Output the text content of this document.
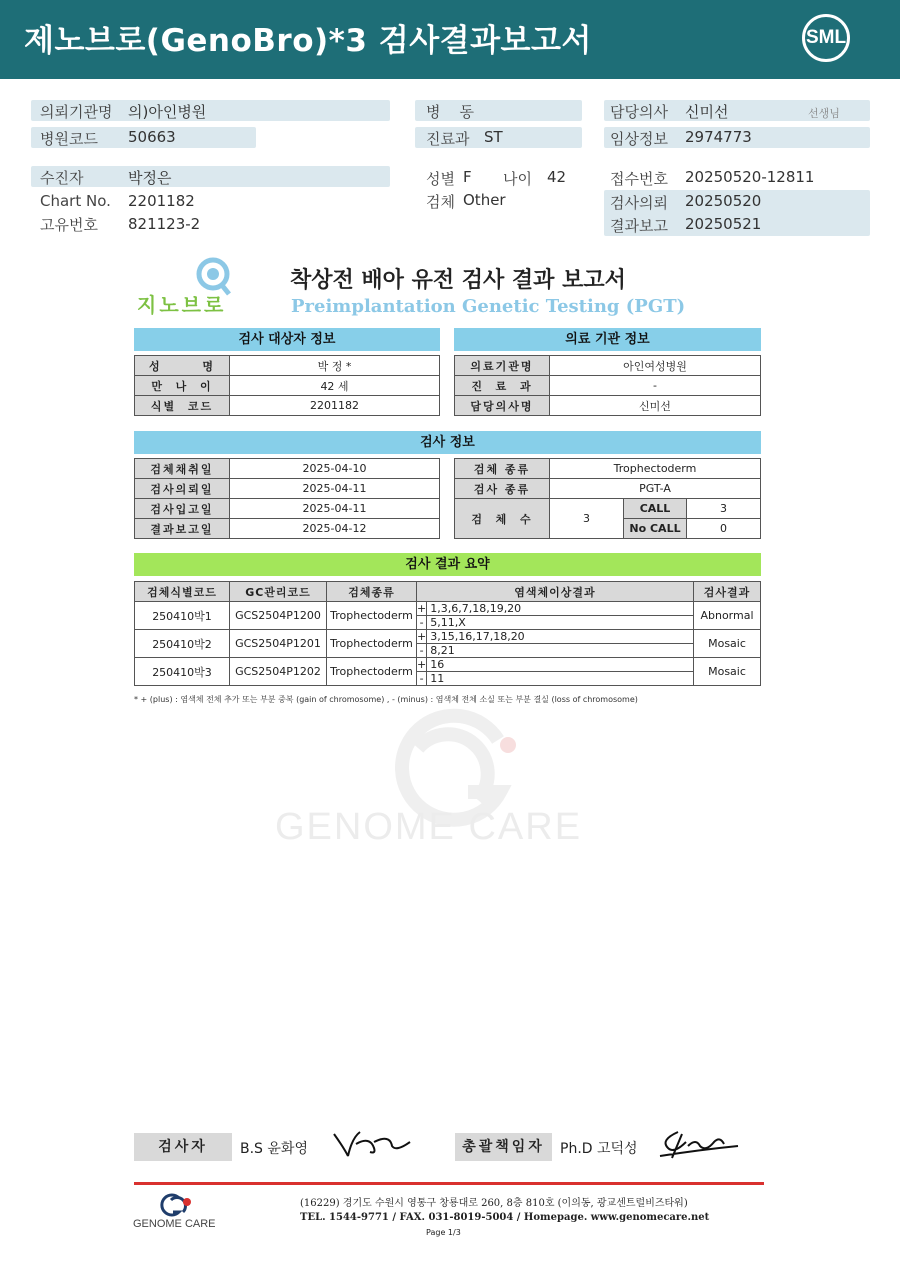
제노브로(GenoBro)*3 검사결과보고서	SML
의뢰기관명 의)아인병원
병원코드 50663
병    동
진료과 ST
담당의사 신미선	선생님
임상정보 2974773
수진자	박정은
Chart No. 2201182
고유번호 821123-2
성별 F 나이 42
검체 Other
접수번호 20250520-12811
검사의뢰 20250520
결과보고 20250521
지노브로
착상전 배아 유전 검사 결과 보고서
Preimplantation Genetic Testing (PGT)
검사 대상자 정보	의료 기관 정보
성       명	박 정 *
만  나  이	42 세
식별  코드	2201182
의료기관명	아인여성병원
진  료  과	-
담당의사명	신미선
검사 정보
검체채취일	2025-04-10
검사의뢰일	2025-04-11
검사입고일	2025-04-11
결과보고일	2025-04-12
검체 종류	Trophectoderm		
검사 종류	PGT-A		
검  체  수	3	CALL	3
		No CALL	0
검사 결과 요약
검체식별코드	GC관리코드	검체종류	염색체이상결과		검사결과
250410박1	GCS2504P1200	Trophectoderm	+	1,3,6,7,18,19,20	Abnormal
			-	5,11,X	
250410박2	GCS2504P1201	Trophectoderm	+	3,15,16,17,18,20	Mosaic
			-	8,21	
250410박3	GCS2504P1202	Trophectoderm	+	16	Mosaic
			-	11	
* + (plus) : 염색체 전체 추가 또는 부분 중복 (gain of chromosome) , - (minus) : 염색체 전체 소실 또는 부분 결실 (loss of chromosome)
GENOME CARE
검사자	B.S 윤화영	총괄책임자	Ph.D 고덕성
GENOME CARE
(16229) 경기도 수원시 영통구 창룡대로 260, 8층 810호 (이의동, 광교센트럴비즈타워)
TEL. 1544-9771 / FAX. 031-8019-5004 / Homepage. www.genomecare.net
Page 1/3
